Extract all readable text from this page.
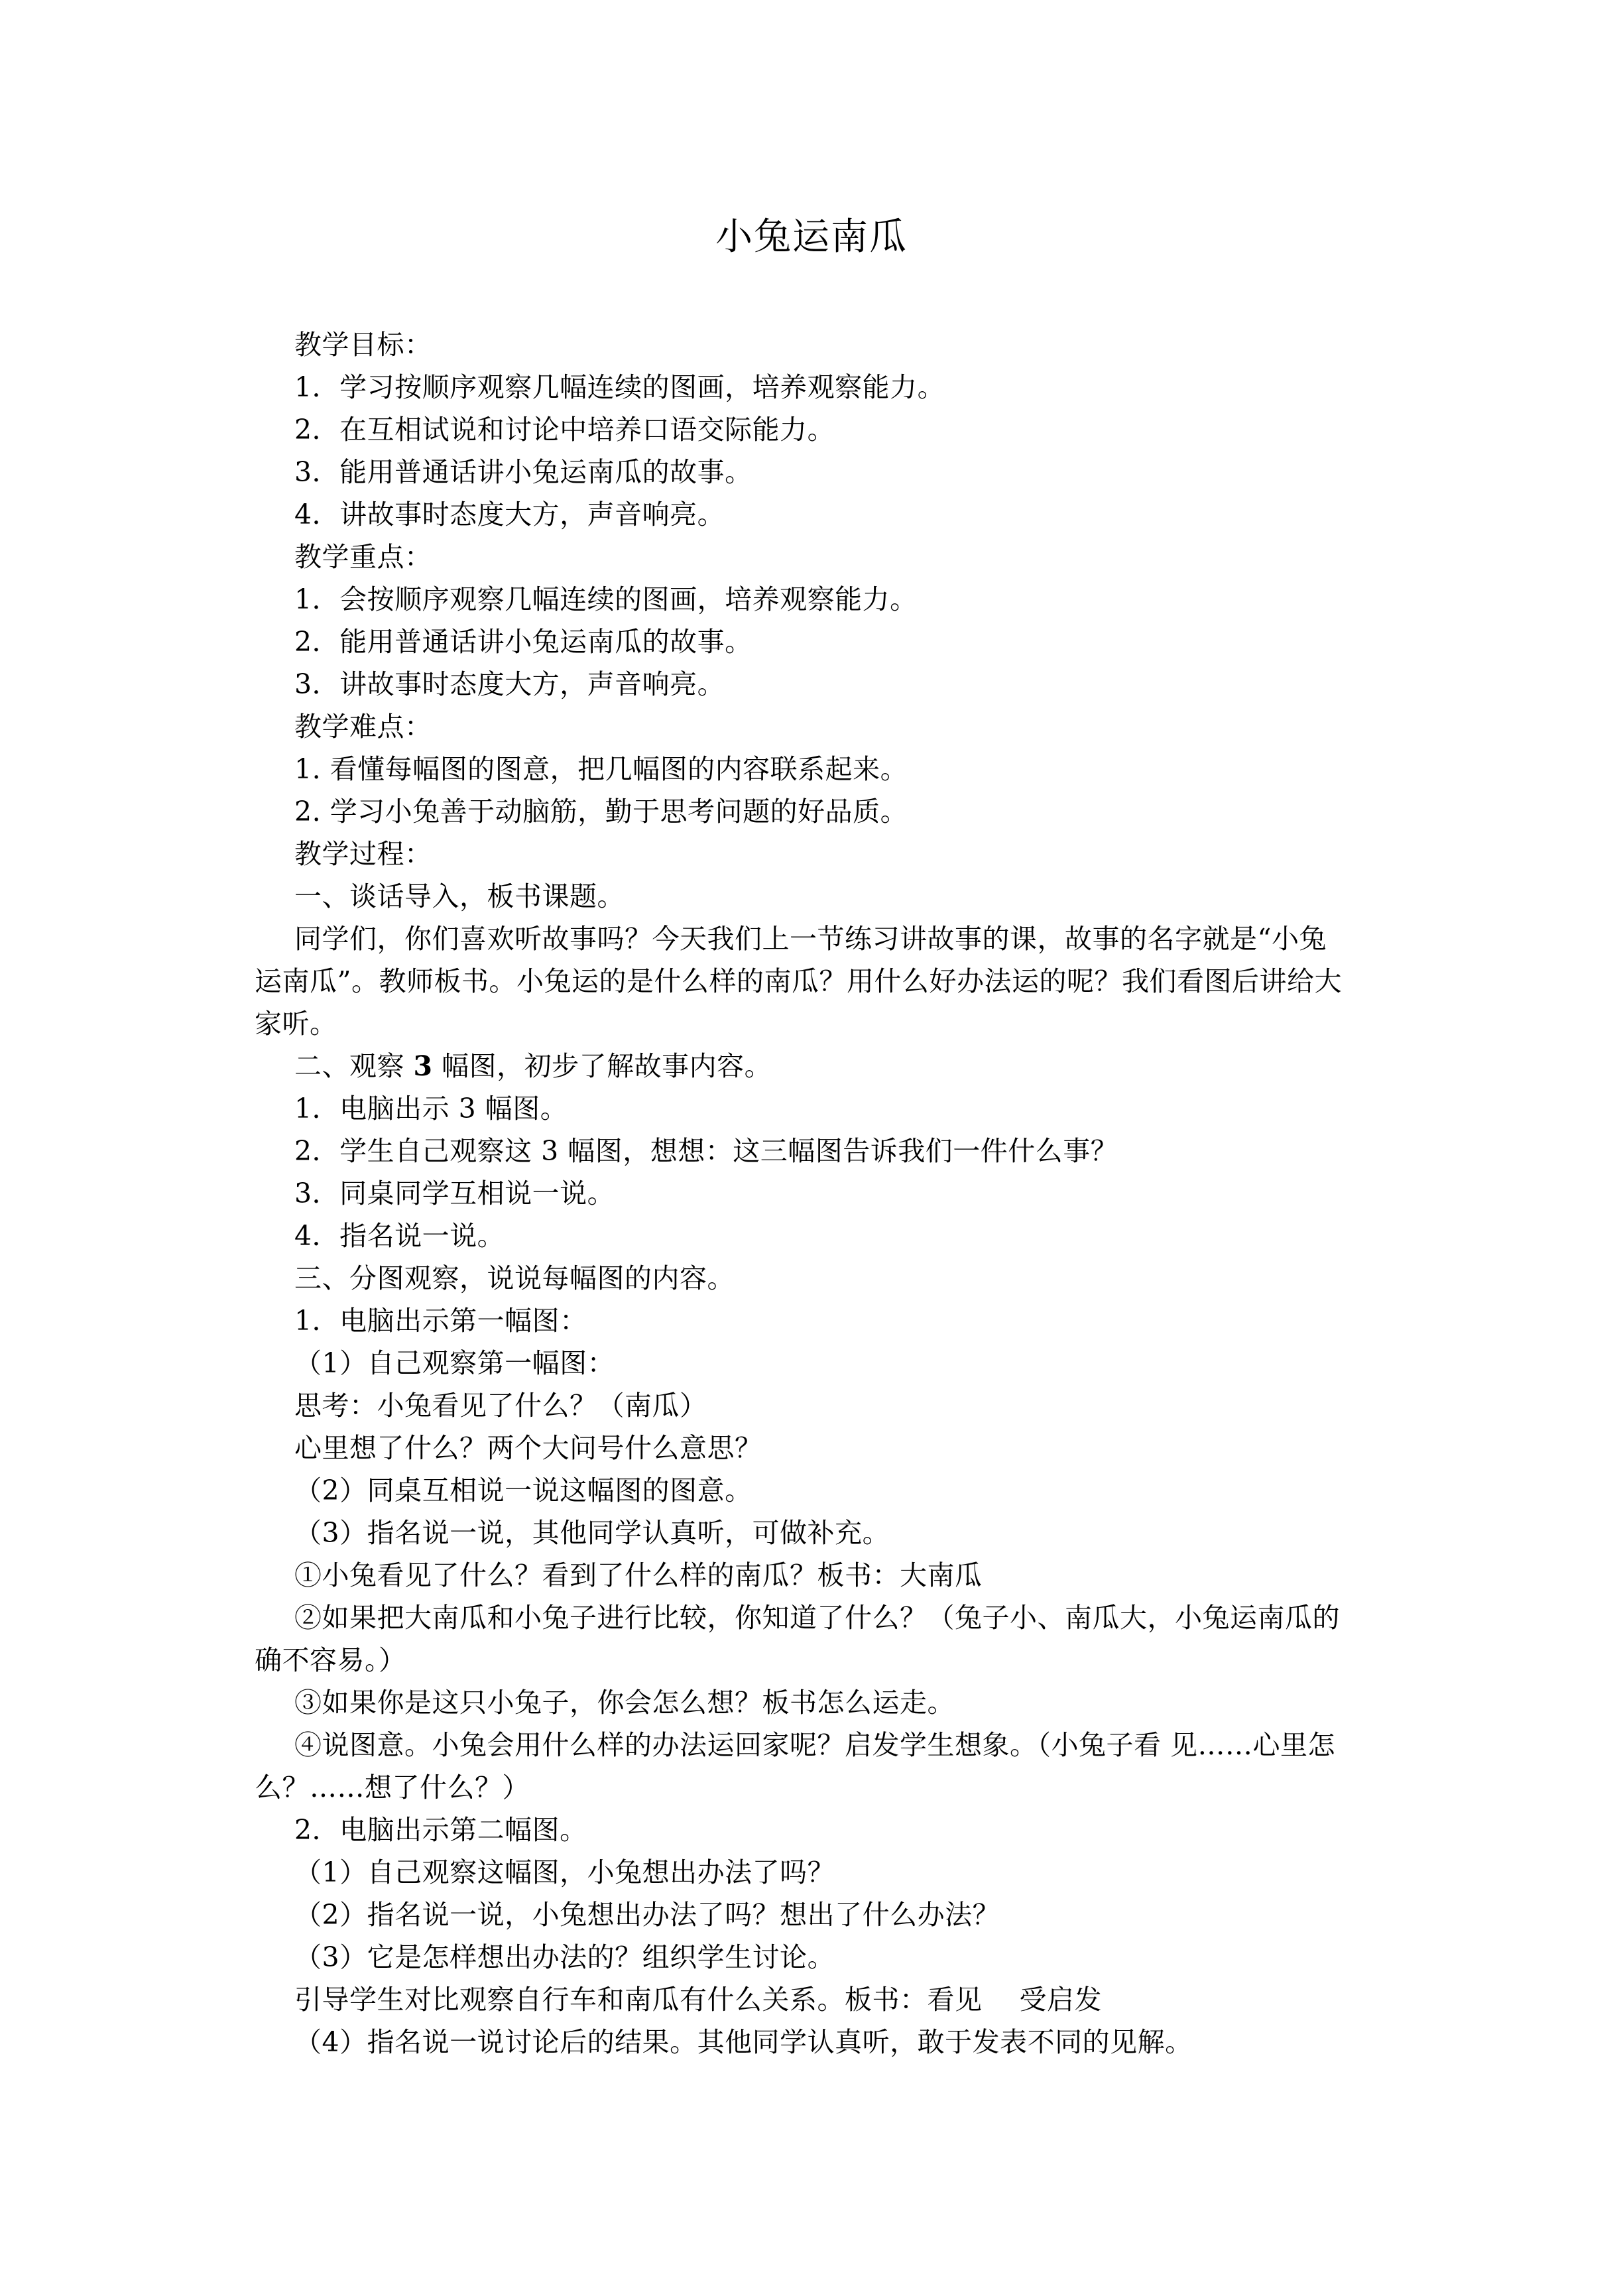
小兔运南瓜
教学目标：
1．学习按顺序观察几幅连续的图画，培养观察能力。
2．在互相试说和讨论中培养口语交际能力。
3．能用普通话讲小兔运南瓜的故事。
4．讲故事时态度大方，声音响亮。
教学重点：
1．会按顺序观察几幅连续的图画，培养观察能力。
2．能用普通话讲小兔运南瓜的故事。
3．讲故事时态度大方，声音响亮。
教学难点：
1. 看懂每幅图的图意，把几幅图的内容联系起来。
2. 学习小兔善于动脑筋，勤于思考问题的好品质。
教学过程：
一、谈话导入，板书课题。
同学们，你们喜欢听故事吗？今天我们上一节练习讲故事的课，故事的名字就是“小兔
运南瓜”。教师板书。小兔运的是什么样的南瓜？用什么好办法运的呢？我们看图后讲给大
家听。
二、观察 3 幅图，初步了解故事内容。
1．电脑出示 3 幅图。
2．学生自己观察这 3 幅图，想想：这三幅图告诉我们一件什么事？
3．同桌同学互相说一说。
4．指名说一说。
三、分图观察，说说每幅图的内容。
1．电脑出示第一幅图：
（1）自己观察第一幅图：
思考：小兔看见了什么？（南瓜）
心里想了什么？两个大问号什么意思？
（2）同桌互相说一说这幅图的图意。
（3）指名说一说，其他同学认真听，可做补充。
①小兔看见了什么？看到了什么样的南瓜？板书：大南瓜
②如果把大南瓜和小兔子进行比较，你知道了什么？（兔子小、南瓜大，小兔运南瓜的
确不容易。）
③如果你是这只小兔子，你会怎么想？板书怎么运走。
④说图意。小兔会用什么样的办法运回家呢？启发学生想象。（小兔子看 见……心里怎
么？……想了什么？）
2．电脑出示第二幅图。
（1）自己观察这幅图，小兔想出办法了吗？
（2）指名说一说，小兔想出办法了吗？想出了什么办法？
（3）它是怎样想出办法的？组织学生讨论。
引导学生对比观察自行车和南瓜有什么关系。板书：看见 受启发
（4）指名说一说讨论后的结果。其他同学认真听，敢于发表不同的见解。
